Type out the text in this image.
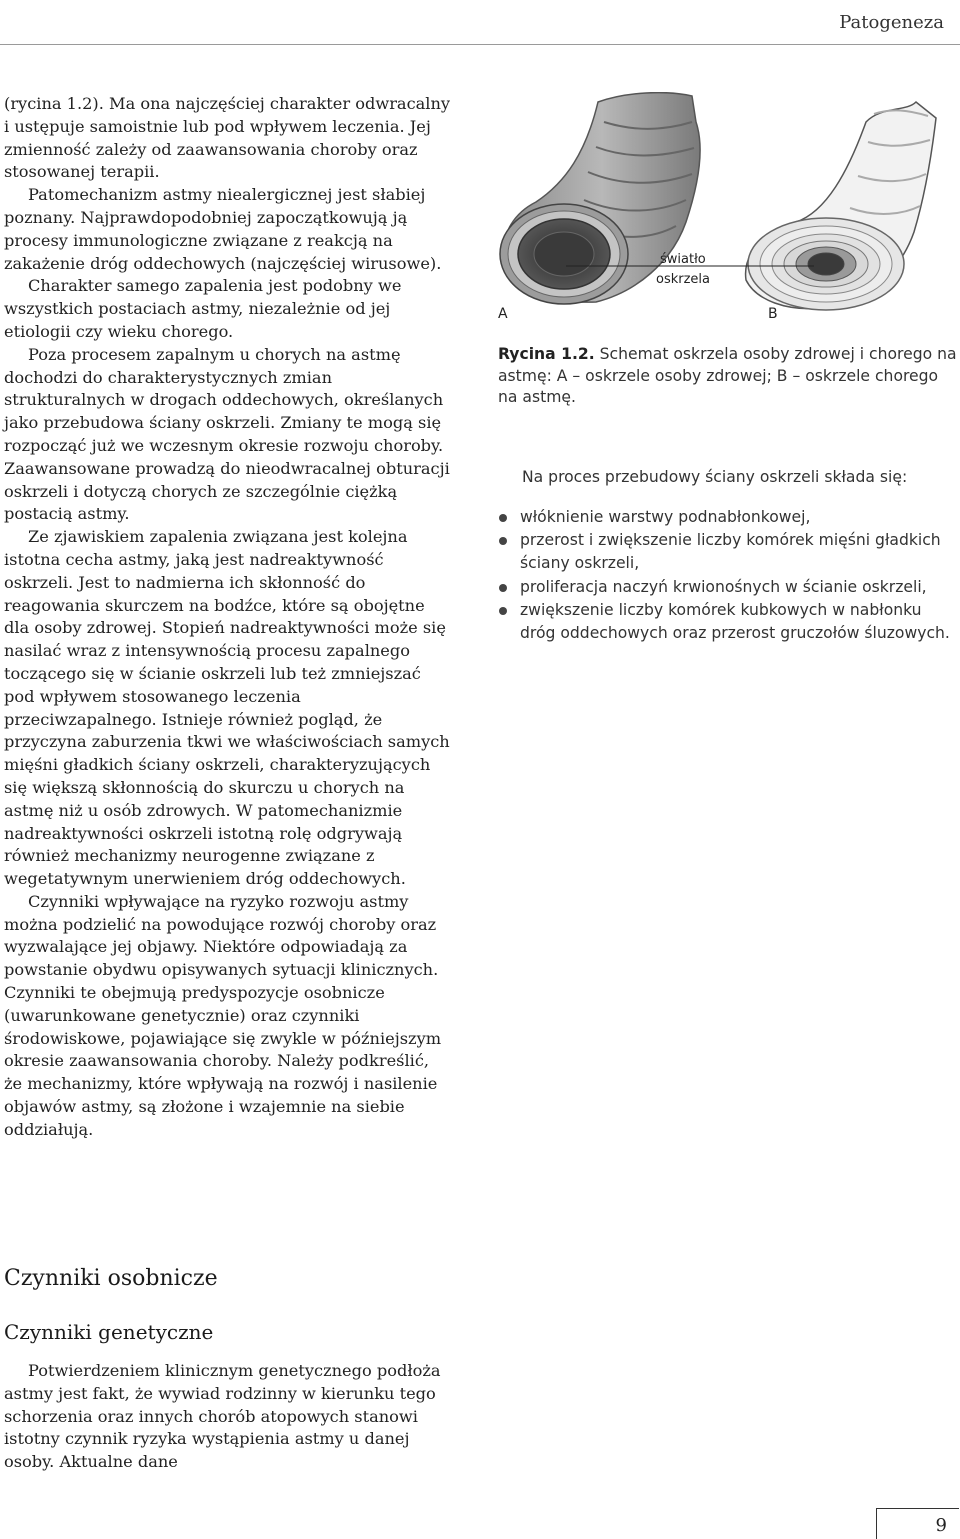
Patogeneza

(rycina 1.2). Ma ona najczęściej charakter odwracalny i ustępuje samoistnie lub pod wpływem leczenia. Jej zmienność zależy od zaawansowania choroby oraz stosowanej terapii.

Patomechanizm astmy niealergicznej jest słabiej poznany. Najprawdopodobniej zapoczątkowują ją procesy immunologiczne związane z reakcją na zakażenie dróg oddechowych (najczęściej wirusowe).

Charakter samego zapalenia jest podobny we wszystkich postaciach astmy, niezależnie od jej etiologii czy wieku chorego.

Poza procesem zapalnym u chorych na astmę dochodzi do charakterystycznych zmian strukturalnych w drogach oddechowych, określanych jako przebudowa ściany oskrzeli. Zmiany te mogą się rozpocząć już we wczesnym okresie rozwoju choroby. Zaawansowane prowadzą do nieodwracalnej obturacji oskrzeli i dotyczą chorych ze szczególnie ciężką postacią astmy.

Ze zjawiskiem zapalenia związana jest kolejna istotna cecha astmy, jaką jest nadreaktywność oskrzeli. Jest to nadmierna ich skłonność do reagowania skurczem na bodźce, które są obojętne dla osoby zdrowej. Stopień nadreaktywności może się nasilać wraz z intensywnością procesu zapalnego toczącego się w ścianie oskrzeli lub też zmniejszać pod wpływem stosowanego leczenia przeciwzapalnego. Istnieje również pogląd, że przyczyna zaburzenia tkwi we właściwościach samych mięśni gładkich ściany oskrzeli, charakteryzujących się większą skłonnością do skurczu u chorych na astmę niż u osób zdrowych. W patomechanizmie nadreaktywności oskrzeli istotną rolę odgrywają również mechanizmy neurogenne związane z wegetatywnym unerwieniem dróg oddechowych.

Czynniki wpływające na ryzyko rozwoju astmy można podzielić na powodujące rozwój choroby oraz wyzwalające jej objawy. Niektóre odpowiadają za powstanie obydwu opisywanych sytuacji klinicznych. Czynniki te obejmują predyspozycje osobnicze (uwarunkowane genetycznie) oraz czynniki środowiskowe, pojawiające się zwykle w późniejszym okresie zaawansowania choroby. Należy podkreślić, że mechanizmy, które wpływają na rozwój i nasilenie objawów astmy, są złożone i wzajemnie na siebie oddziałują.

Czynniki osobnicze
Czynniki genetyczne

Potwierdzeniem klinicznym genetycznego podłoża astmy jest fakt, że wywiad rodzinny w kierunku tego schorzenia oraz innych chorób atopowych stanowi istotny czynnik ryzyka wystąpienia astmy u danej osoby. Aktualne dane

A	B
światło
oskrzela

Rycina 1.2. Schemat oskrzela osoby zdrowej i chorego na astmę: A – oskrzele osoby zdrowej; B – oskrzele chorego na astmę.

Na proces przebudowy ściany oskrzeli składa się:

włóknienie warstwy podnabłonkowej,
przerost i zwiększenie liczby komórek mięśni gładkich ściany oskrzeli,
proliferacja naczyń krwionośnych w ścianie oskrzeli,
zwiększenie liczby komórek kubkowych w nabłonku dróg oddechowych oraz przerost gruczołów śluzowych.
9
